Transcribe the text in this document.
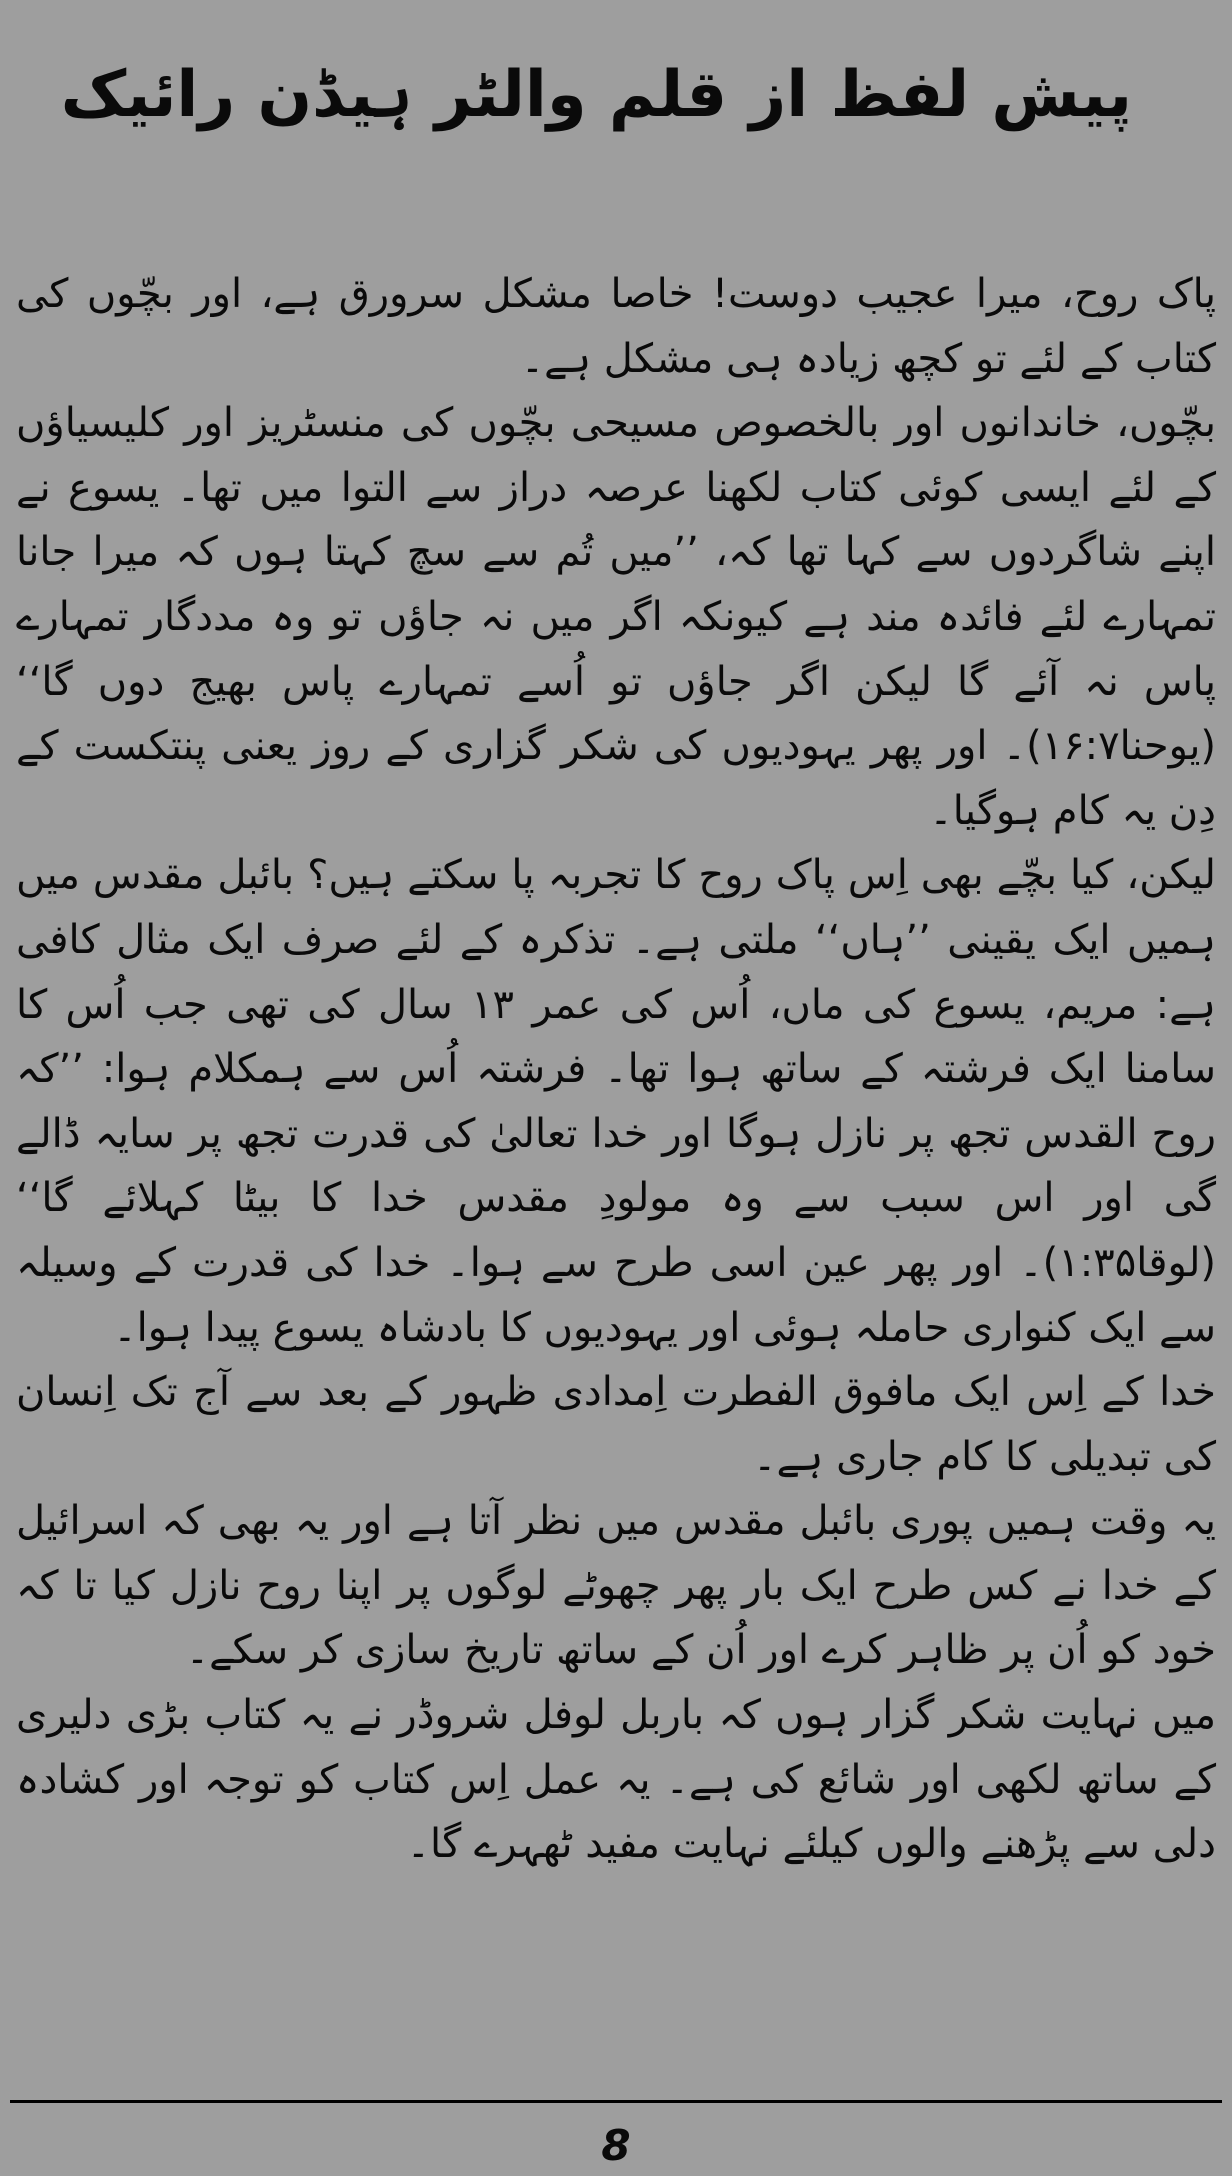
پیش لفظ از قلم والٹر ہیڈن رائیک

پاک روح، میرا عجیب دوست! خاصا مشکل سرورق ہے، اور بچّوں کی کتاب کے لئے تو کچھ زیادہ ہی مشکل ہے۔

بچّوں، خاندانوں اور بالخصوص مسیحی بچّوں کی منسٹریز اور کلیسیاؤں کے لئے ایسی کوئی کتاب لکھنا عرصہ دراز سے التوا میں تھا۔ یسوع نے اپنے شاگردوں سے کہا تھا کہ، ’’میں تُم سے سچ کہتا ہوں کہ میرا جانا تمہارے لئے فائدہ مند ہے کیونکہ اگر میں نہ جاؤں تو وہ مددگار تمہارے پاس نہ آئے گا لیکن اگر جاؤں تو اُسے تمہارے پاس بھیج دوں گا‘‘ (یوحنا۱۶:۷)۔ اور پھر یہودیوں کی شکر گزاری کے روز یعنی پنتکست کے دِن یہ کام ہوگیا۔

لیکن، کیا بچّے بھی اِس پاک روح کا تجربہ پا سکتے ہیں؟ بائبل مقدس میں ہمیں ایک یقینی ’’ہاں‘‘ ملتی ہے۔ تذکرہ کے لئے صرف ایک مثال کافی ہے: مریم، یسوع کی ماں، اُس کی عمر ۱۳ سال کی تھی جب اُس کا سامنا ایک فرشتہ کے ساتھ ہوا تھا۔ فرشتہ اُس سے ہمکلام ہوا: ’’کہ روح القدس تجھ پر نازل ہوگا اور خدا تعالیٰ کی قدرت تجھ پر سایہ ڈالے گی اور اس سبب سے وہ مولودِ مقدس خدا کا بیٹا کہلائے گا‘‘ (لوقا۱:۳۵)۔ اور پھر عین اسی طرح سے ہوا۔ خدا کی قدرت کے وسیلہ سے ایک کنواری حاملہ ہوئی اور یہودیوں کا بادشاہ یسوع پیدا ہوا۔

خدا کے اِس ایک مافوق الفطرت اِمدادی ظہور کے بعد سے آج تک اِنسان کی تبدیلی کا کام جاری ہے۔

یہ وقت ہمیں پوری بائبل مقدس میں نظر آتا ہے اور یہ بھی کہ اسرائیل کے خدا نے کس طرح ایک بار پھر چھوٹے لوگوں پر اپنا روح نازل کیا تا کہ خود کو اُن پر ظاہر کرے اور اُن کے ساتھ تاریخ سازی کر سکے۔

میں نہایت شکر گزار ہوں کہ باربل لوفل شروڈر نے یہ کتاب بڑی دلیری کے ساتھ لکھی اور شائع کی ہے۔ یہ عمل اِس کتاب کو توجہ اور کشادہ دلی سے پڑھنے والوں کیلئے نہایت مفید ٹھہرے گا۔

8
